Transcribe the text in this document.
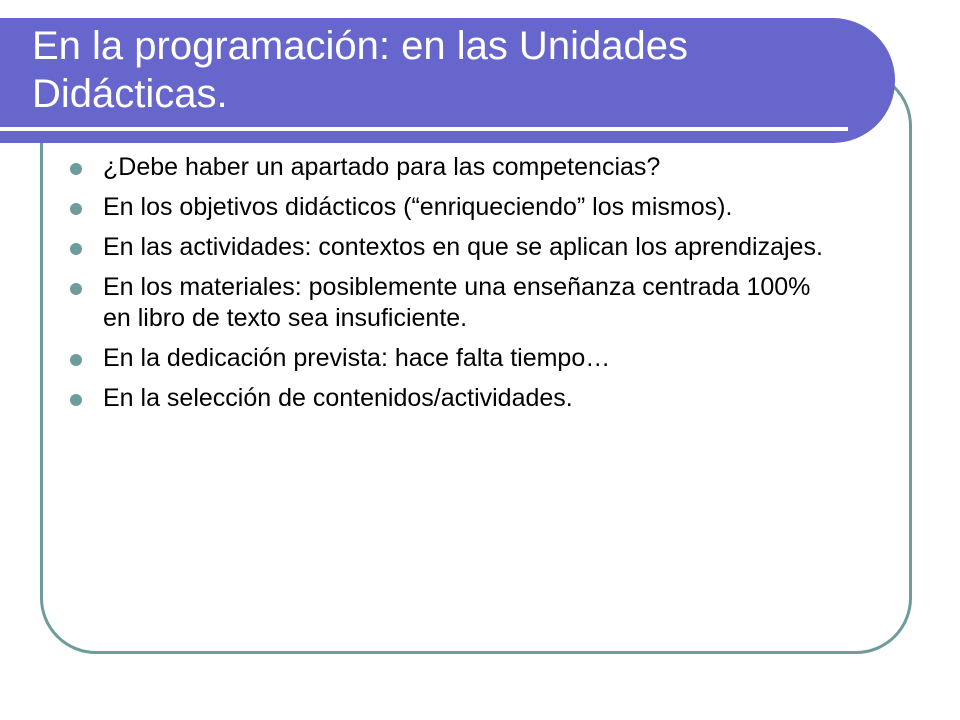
En la programación: en las Unidades Didácticas.
¿Debe haber un apartado para las competencias?
En los objetivos didácticos (“enriqueciendo” los mismos).
En las actividades: contextos en que se aplican los aprendizajes.
En los materiales: posiblemente una enseñanza centrada 100% en libro de texto sea insuficiente.
En la dedicación prevista: hace falta tiempo…
En la selección de contenidos/actividades.
